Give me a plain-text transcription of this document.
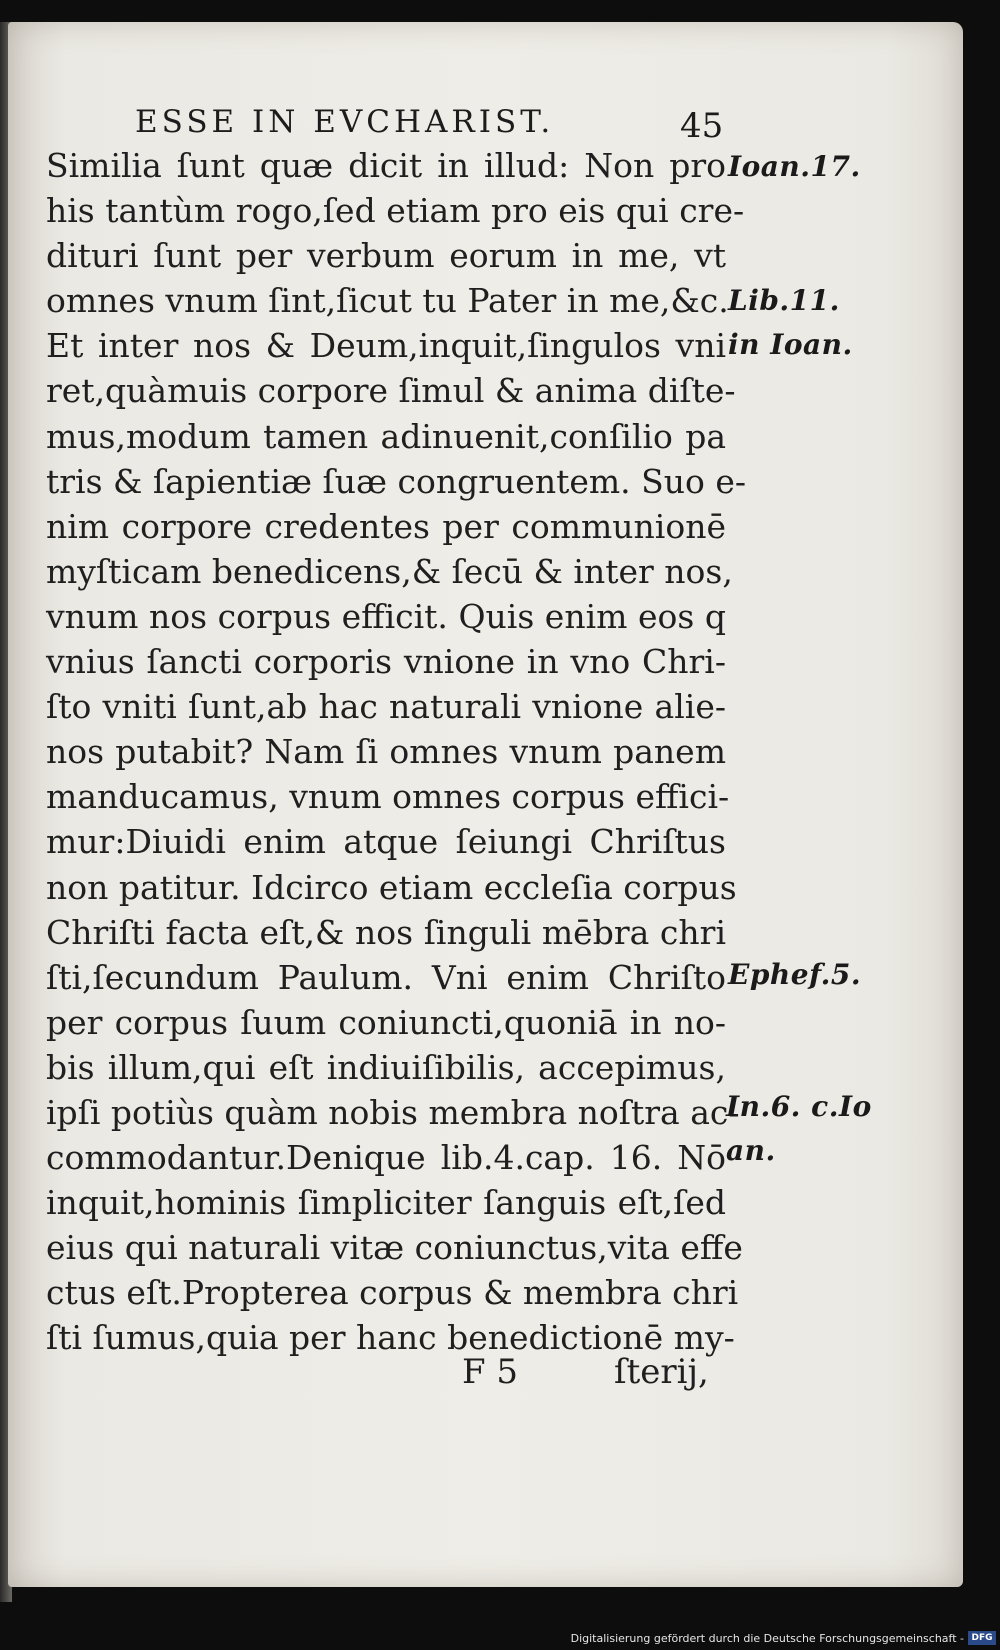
ESSE IN EVCHARIST.	45
Similia ſunt quæ dicit in illud: Non pro
his tantùm rogo,ſed etiam pro eis qui cre-
dituri ſunt per verbum eorum in me, vt
omnes vnum ſint,ſicut tu Pater in me,&c.
Et inter nos & Deum,inquit,ſingulos vni
ret,quàmuis corpore ſimul & anima diſte-
mus,modum tamen adinuenit,conſilio pa
tris & ſapientiæ ſuæ congruentem. Suo e-
nim corpore credentes per communionē
myſticam benedicens,& ſecū & inter nos,
vnum nos corpus efficit. Quis enim eos q
vnius ſancti corporis vnione in vno Chri-
ſto vniti ſunt,ab hac naturali vnione alie-
nos putabit? Nam ſi omnes vnum panem
manducamus, vnum omnes corpus effici-
mur:Diuidi enim atque ſeiungi Chriſtus
non patitur. Idcirco etiam eccleſia corpus
Chriſti facta eſt,& nos ſinguli mēbra chri
ſti,ſecundum Paulum. Vni enim Chriſto
per corpus ſuum coniuncti,quoniā in no-
bis illum,qui eſt indiuiſibilis, accepimus,
ipſi potiùs quàm nobis membra noſtra ac-
commodantur.Denique lib.4.cap. 16. Nō
inquit,hominis ſimpliciter ſanguis eſt,ſed
eius qui naturali vitæ coniunctus,vita effe
ctus eſt.Propterea corpus & membra chri
ſti ſumus,quia per hanc benedictionē my-
Ioan.17.
Lib.11.
in Ioan.
Ephef.5.
In.6. c.Io
an.
F 5	ſterij,
Digitalisierung gefördert durch die Deutsche Forschungsgemeinschaft - DFG
